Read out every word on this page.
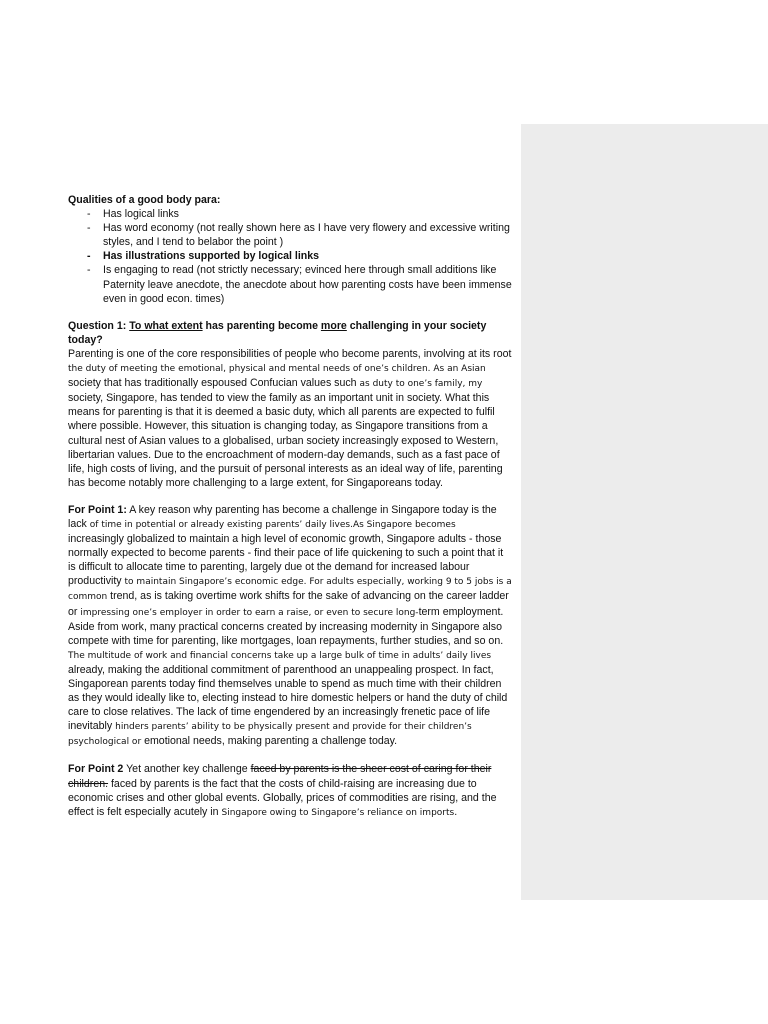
Qualities of a good body para:

- Has logical links
- Has word economy (not really shown here as I have very flowery and excessive writing styles, and I tend to belabor the point )
- Has illustrations supported by logical links
- Is engaging to read (not strictly necessary; evinced here through small additions like Paternity leave anecdote, the anecdote about how parenting costs have been immense even in good econ. times)

Question 1: To what extent has parenting become more challenging in your society today?

Parenting is one of the core responsibilities of people who become parents, involving at its root the duty of meeting the emotional, physical and mental needs of one’s children. As an Asian society that has traditionally espoused Confucian values such as duty to one’s family, my society, Singapore, has tended to view the family as an important unit in society. What this means for parenting is that it is deemed a basic duty, which all parents are expected to fulfil where possible. However, this situation is changing today, as Singapore transitions from a cultural nest of Asian values to a globalised, urban society increasingly exposed to Western, libertarian values. Due to the encroachment of modern-day demands, such as a fast pace of life, high costs of living, and the pursuit of personal interests as an ideal way of life, parenting has become notably more challenging to a large extent, for Singaporeans today.

For Point 1: A key reason why parenting has become a challenge in Singapore today is the lack of time in potential or already existing parents’ daily lives.As Singapore becomes increasingly globalized to maintain a high level of economic growth, Singapore adults - those normally expected to become parents - find their pace of life quickening to such a point that it is difficult to allocate time to parenting, largely due ot the demand for increased labour productivity to maintain Singapore’s economic edge. For adults especially, working 9 to 5 jobs is a common trend, as is taking overtime work shifts for the sake of advancing on the career ladder or impressing one’s employer in order to earn a raise, or even to secure long-term employment. Aside from work, many practical concerns created by increasing modernity in Singapore also compete with time for parenting, like mortgages, loan repayments, further studies, and so on. The multitude of work and financial concerns take up a large bulk of time in adults’ daily lives already, making the additional commitment of parenthood an unappealing prospect. In fact, Singaporean parents today find themselves unable to spend as much time with their children as they would ideally like to, electing instead to hire domestic helpers or hand the duty of child care to close relatives. The lack of time engendered by an increasingly frenetic pace of life inevitably hinders parents’ ability to be physically present and provide for their children’s psychological or emotional needs, making parenting a challenge today.

For Point 2 Yet another key challenge faced by parents is the sheer cost of caring for their children. faced by parents is the fact that the costs of child-raising are increasing due to economic crises and other global events. Globally, prices of commodities are rising, and the effect is felt especially acutely in Singapore owing to Singapore’s reliance on imports.
